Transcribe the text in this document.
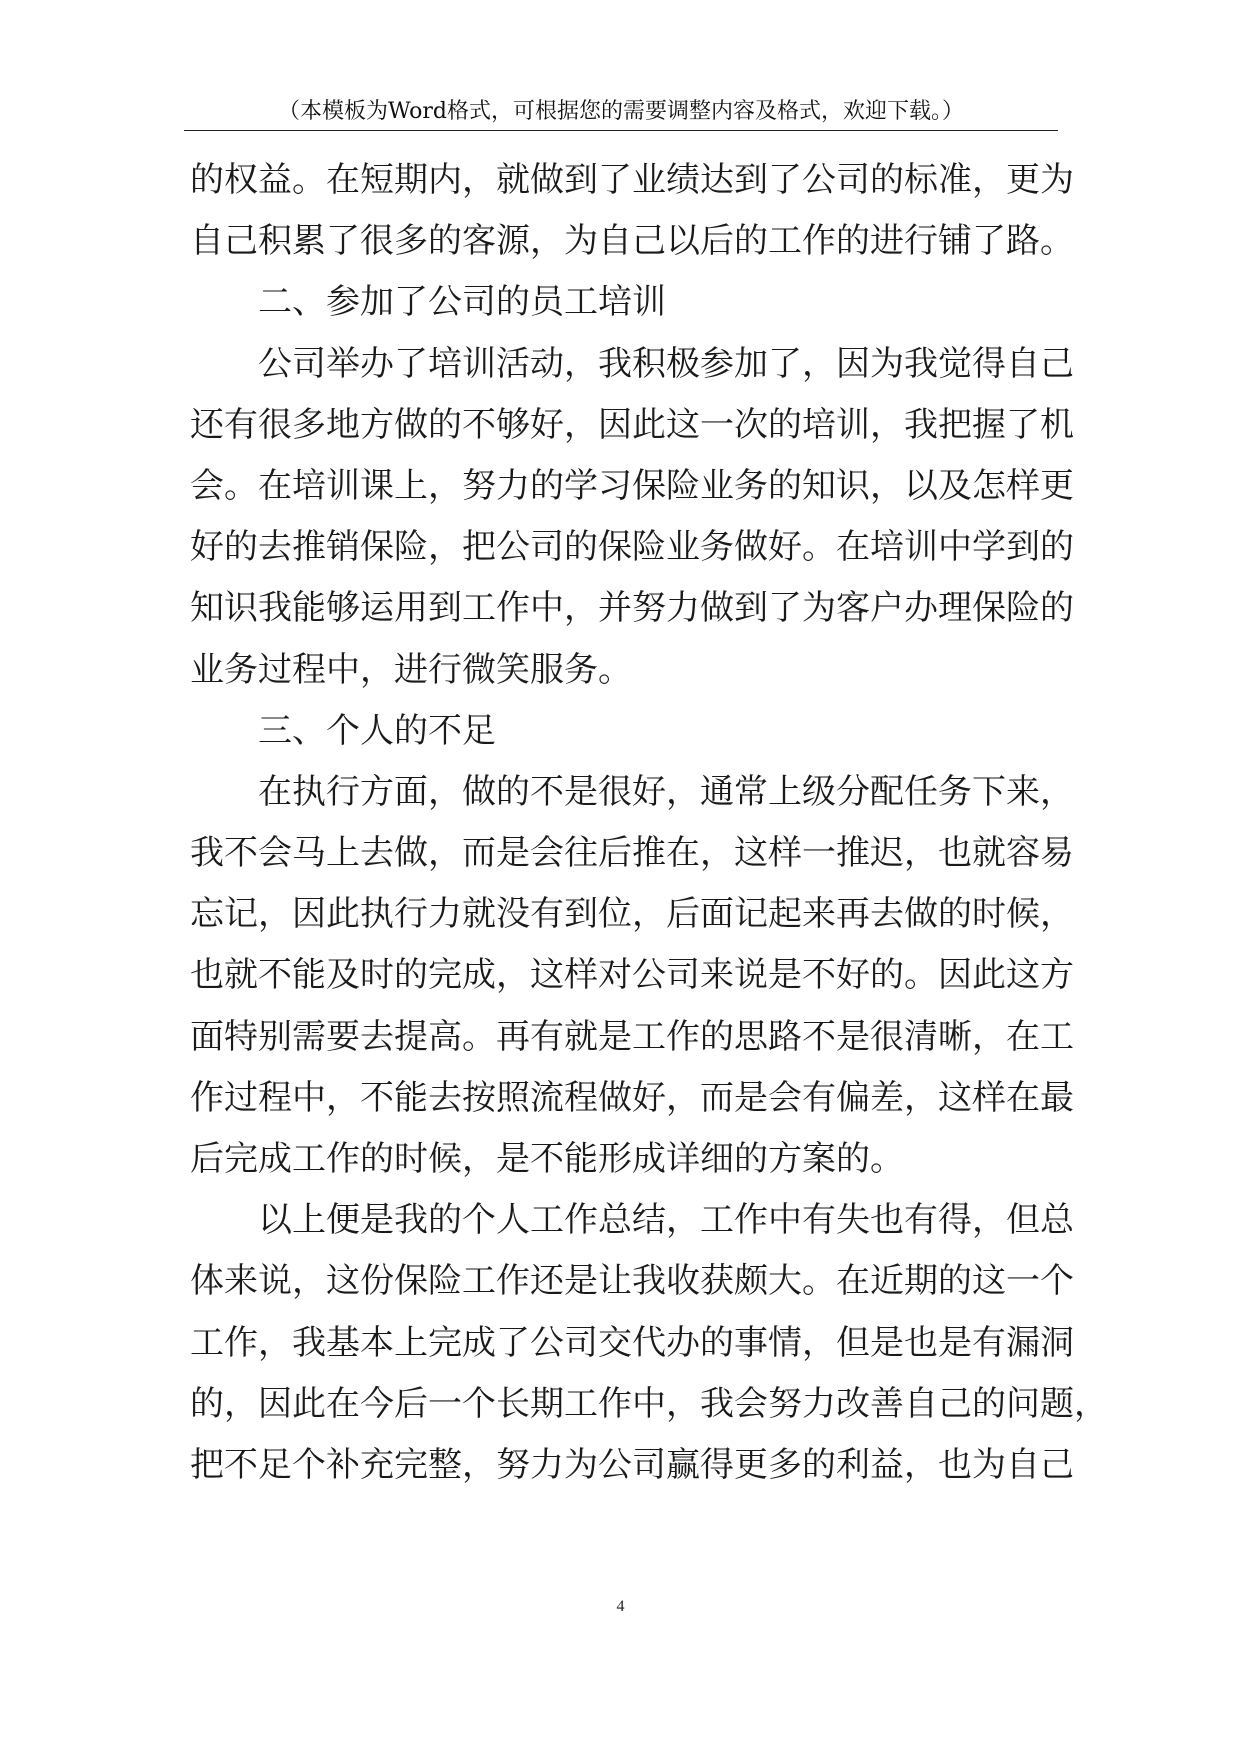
（本模板为Word格式，可根据您的需要调整内容及格式，欢迎下载。）
的权益。在短期内，就做到了业绩达到了公司的标准，更为
自己积累了很多的客源，为自己以后的工作的进行铺了路。
二、参加了公司的员工培训
公司举办了培训活动，我积极参加了，因为我觉得自己
还有很多地方做的不够好，因此这一次的培训，我把握了机
会。在培训课上，努力的学习保险业务的知识，以及怎样更
好的去推销保险，把公司的保险业务做好。在培训中学到的
知识我能够运用到工作中，并努力做到了为客户办理保险的
业务过程中，进行微笑服务。
三、个人的不足
在执行方面，做的不是很好，通常上级分配任务下来，
我不会马上去做，而是会往后推在，这样一推迟，也就容易
忘记，因此执行力就没有到位，后面记起来再去做的时候，
也就不能及时的完成，这样对公司来说是不好的。因此这方
面特别需要去提高。再有就是工作的思路不是很清晰，在工
作过程中，不能去按照流程做好，而是会有偏差，这样在最
后完成工作的时候，是不能形成详细的方案的。
以上便是我的个人工作总结，工作中有失也有得，但总
体来说，这份保险工作还是让我收获颇大。在近期的这一个
工作，我基本上完成了公司交代办的事情，但是也是有漏洞
的，因此在今后一个长期工作中，我会努力改善自己的问题，
把不足个补充完整，努力为公司赢得更多的利益，也为自己
4
